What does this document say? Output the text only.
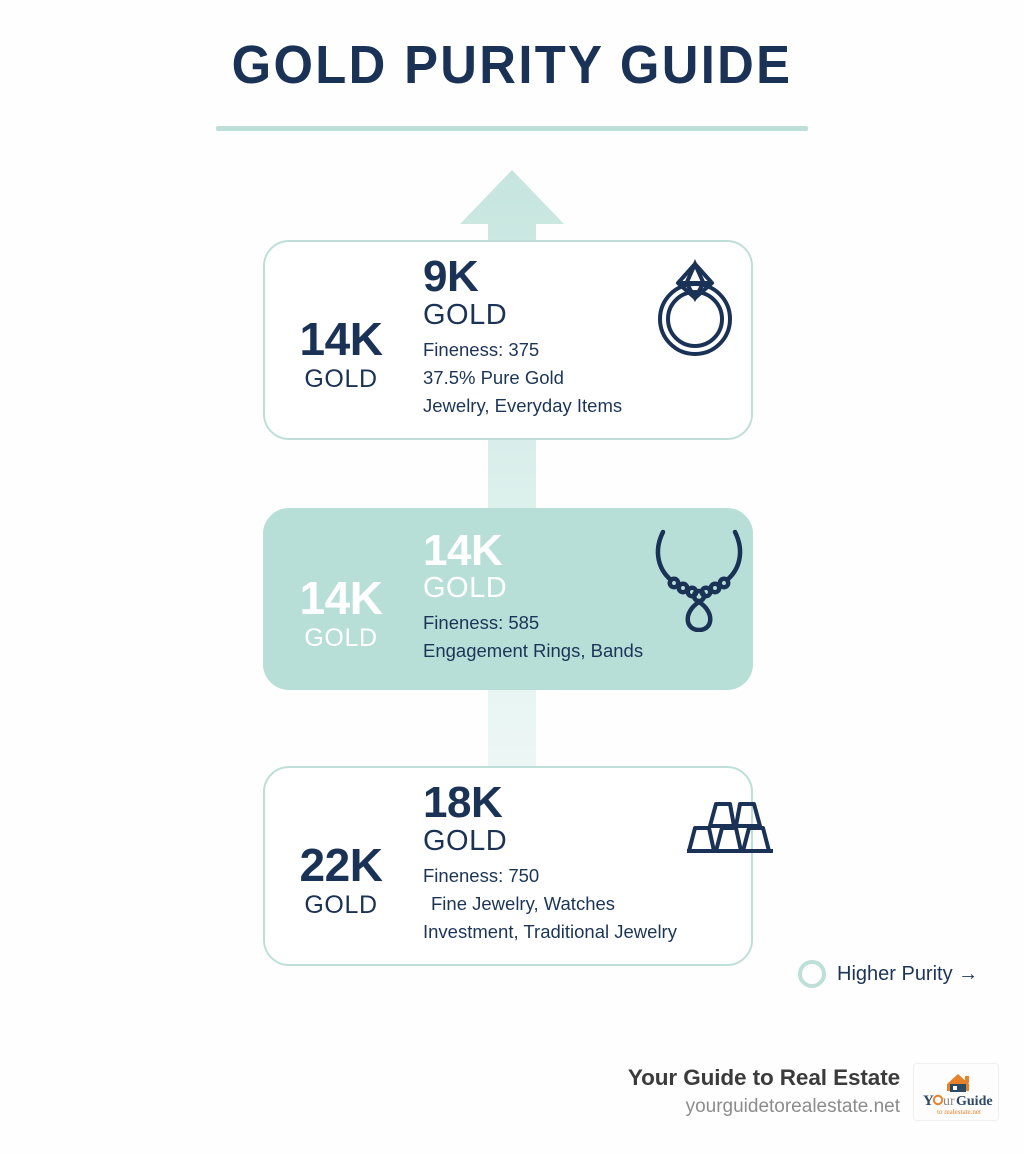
GOLD PURITY GUIDE
14K
GOLD
9K
GOLD
Fineness: 375
37.5% Pure Gold
Jewelry, Everyday Items
14K
GOLD
14K
GOLD
Fineness: 585
Engagement Rings, Bands
22K
GOLD
18K
GOLD
Fineness: 750
Fine Jewelry, Watches
Investment, Traditional Jewelry
Higher Purity →
Your Guide to Real Estate
yourguidetorealestate.net Y ur Guide
to realestate.net
